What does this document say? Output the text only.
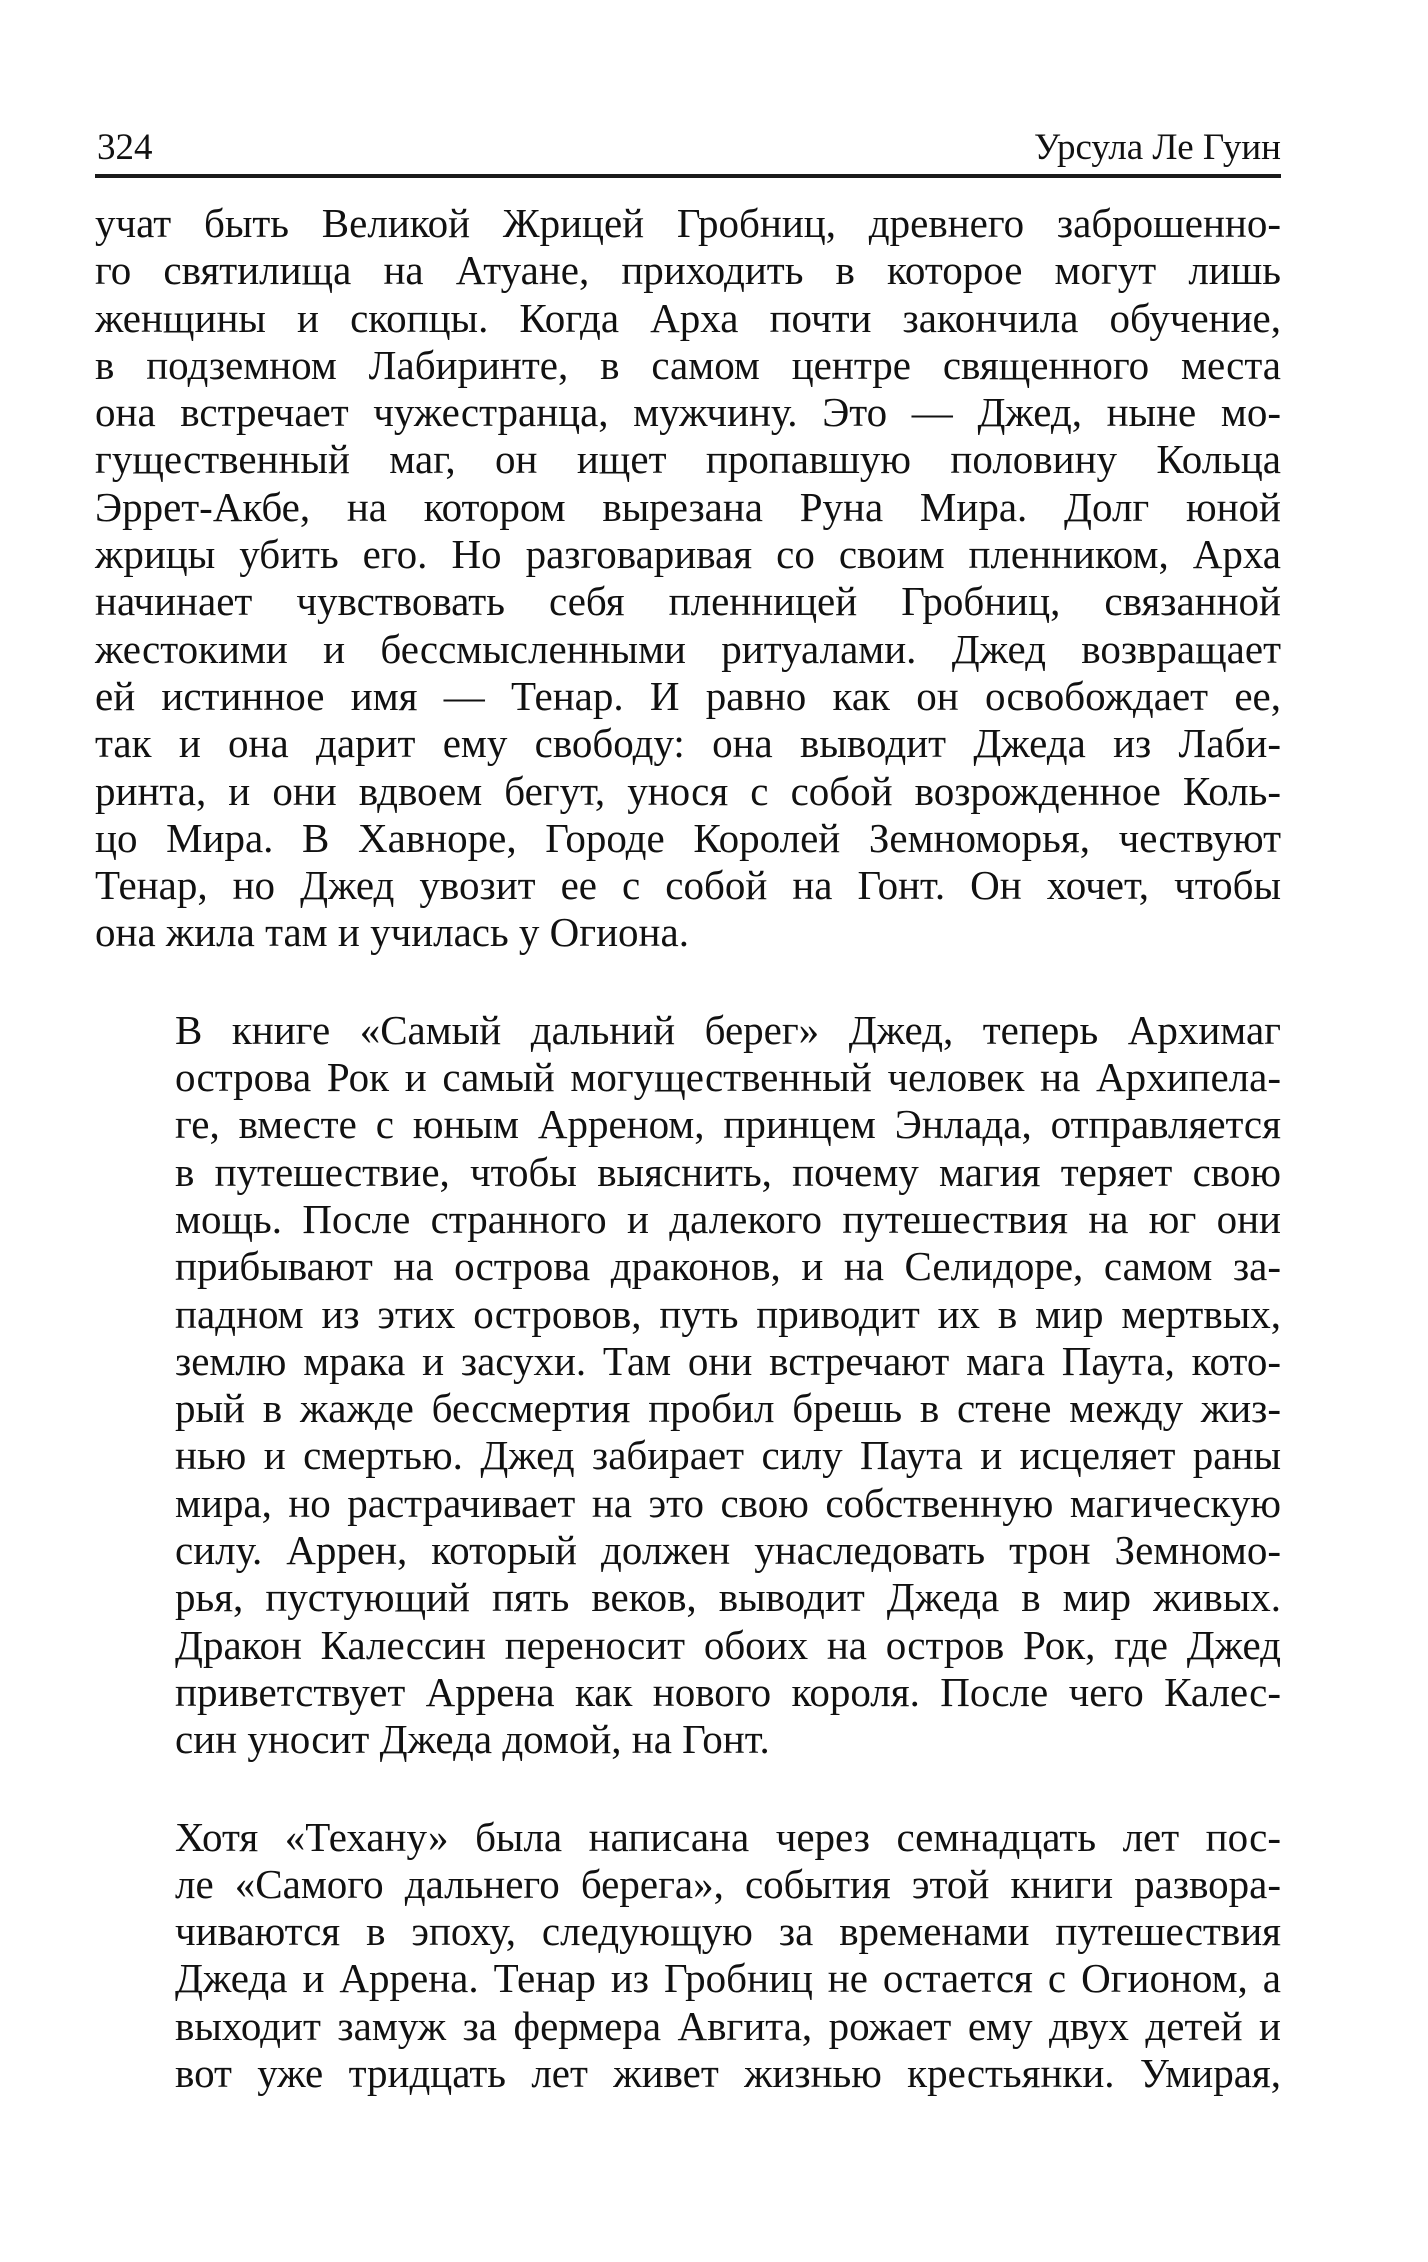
324	Урсула Ле Гуин

учат быть Великой Жрицей Гробниц, древнего заброшенно-
го святилища на Атуане, приходить в которое могут лишь
женщины и скопцы. Когда Арха почти закончила обучение,
в подземном Лабиринте, в самом центре священного места
она встречает чужестранца, мужчину. Это — Джед, ныне мо-
гущественный маг, он ищет пропавшую половину Кольца
Эррет-Акбе, на котором вырезана Руна Мира. Долг юной
жрицы убить его. Но разговаривая со своим пленником, Арха
начинает чувствовать себя пленницей Гробниц, связанной
жестокими и бессмысленными ритуалами. Джед возвращает
ей истинное имя — Тенар. И равно как он освобождает ее,
так и она дарит ему свободу: она выводит Джеда из Лаби-
ринта, и они вдвоем бегут, унося с собой возрожденное Коль-
цо Мира. В Хавноре, Городе Королей Земноморья, чествуют
Тенар, но Джед увозит ее с собой на Гонт. Он хочет, чтобы
она жила там и училась у Огиона.

В книге «Самый дальний берег» Джед, теперь Архимаг
острова Рок и самый могущественный человек на Архипела-
ге, вместе с юным Арреном, принцем Энлада, отправляется
в путешествие, чтобы выяснить, почему магия теряет свою
мощь. После странного и далекого путешествия на юг они
прибывают на острова драконов, и на Селидоре, самом за-
падном из этих островов, путь приводит их в мир мертвых,
землю мрака и засухи. Там они встречают мага Паута, кото-
рый в жажде бессмертия пробил брешь в стене между жиз-
нью и смертью. Джед забирает силу Паута и исцеляет раны
мира, но растрачивает на это свою собственную магическую
силу. Аррен, который должен унаследовать трон Земномо-
рья, пустующий пять веков, выводит Джеда в мир живых.
Дракон Калессин переносит обоих на остров Рок, где Джед
приветствует Аррена как нового короля. После чего Калес-
син уносит Джеда домой, на Гонт.

Хотя «Техану» была написана через семнадцать лет пос-
ле «Самого дальнего берега», события этой книги развора-
чиваются в эпоху, следующую за временами путешествия
Джеда и Аррена. Тенар из Гробниц не остается с Огионом, а
выходит замуж за фермера Авгита, рожает ему двух детей и
вот уже тридцать лет живет жизнью крестьянки. Умирая,
